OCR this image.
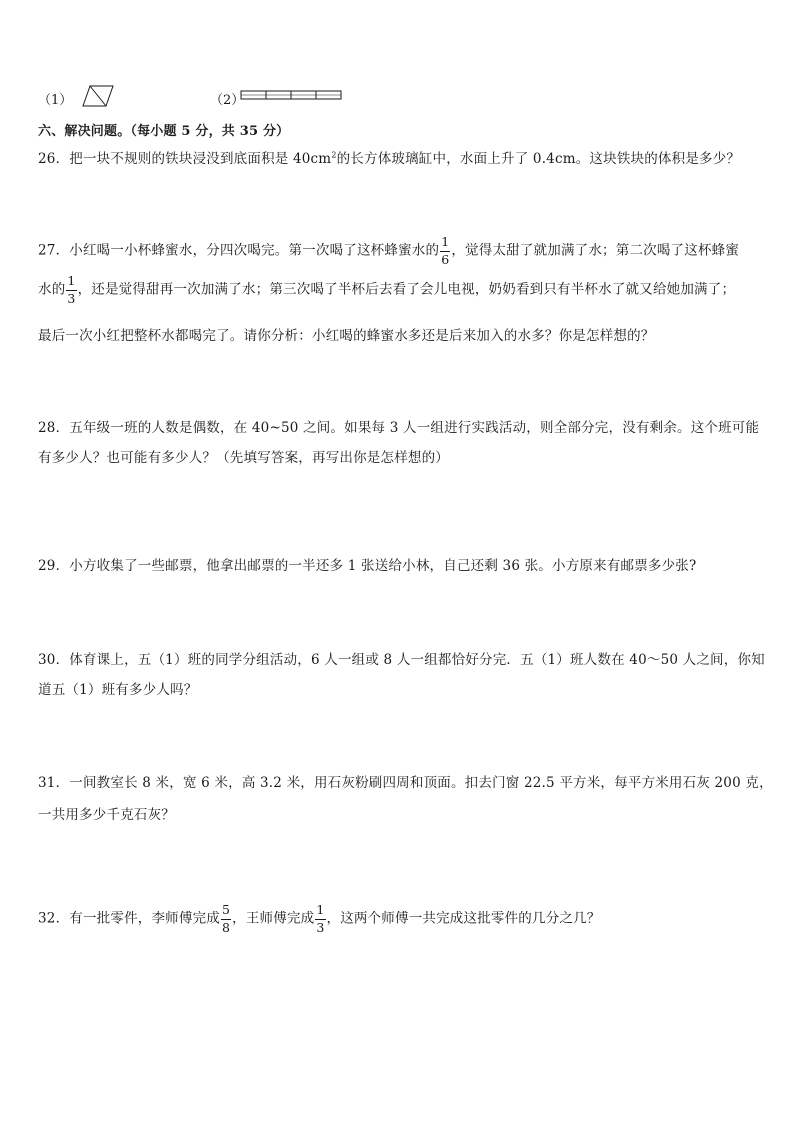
（1）	（2）
六、解决问题。（每小题 5 分，共 35 分）
26．把一块不规则的铁块浸没到底面积是 $40cm^2$的长方体玻璃缸中，水面上升了 0.4cm。这块铁块的体积是多少？
27．小红喝一小杯蜂蜜水，分四次喝完。第一次喝了这杯蜂蜜水的 $\frac{1}{6}$ ，觉得太甜了就加满了水；第二次喝了这杯蜂蜜
水的 $\frac{1}{3}$ ，还是觉得甜再一次加满了水；第三次喝了半杯后去看了会儿电视，奶奶看到只有半杯水了就又给她加满了；
最后一次小红把整杯水都喝完了。请你分析：小红喝的蜂蜜水多还是后来加入的水多？你是怎样想的？
28．五年级一班的人数是偶数，在 40~50 之间。如果每 3 人一组进行实践活动，则全部分完，没有剩余。这个班可能
有多少人？也可能有多少人？（先填写答案，再写出你是怎样想的）
29．小方收集了一些邮票，他拿出邮票的一半还多 1 张送给小林，自己还剩 36 张。小方原来有邮票多少张?
30．体育课上，五（1）班的同学分组活动，6 人一组或 8 人一组都恰好分完．五（1）班人数在 40～50 人之间，你知
道五（1）班有多少人吗？
31．一间教室长 8 米，宽 6 米，高 3.2 米，用石灰粉刷四周和顶面。扣去门窗 22.5 平方米，每平方米用石灰 200 克，
一共用多少千克石灰？
32．有一批零件，李师傅完成 $\frac{5}{8}$ ，王师傅完成 $\frac{1}{3}$ ，这两个师傅一共完成这批零件的几分之几？
